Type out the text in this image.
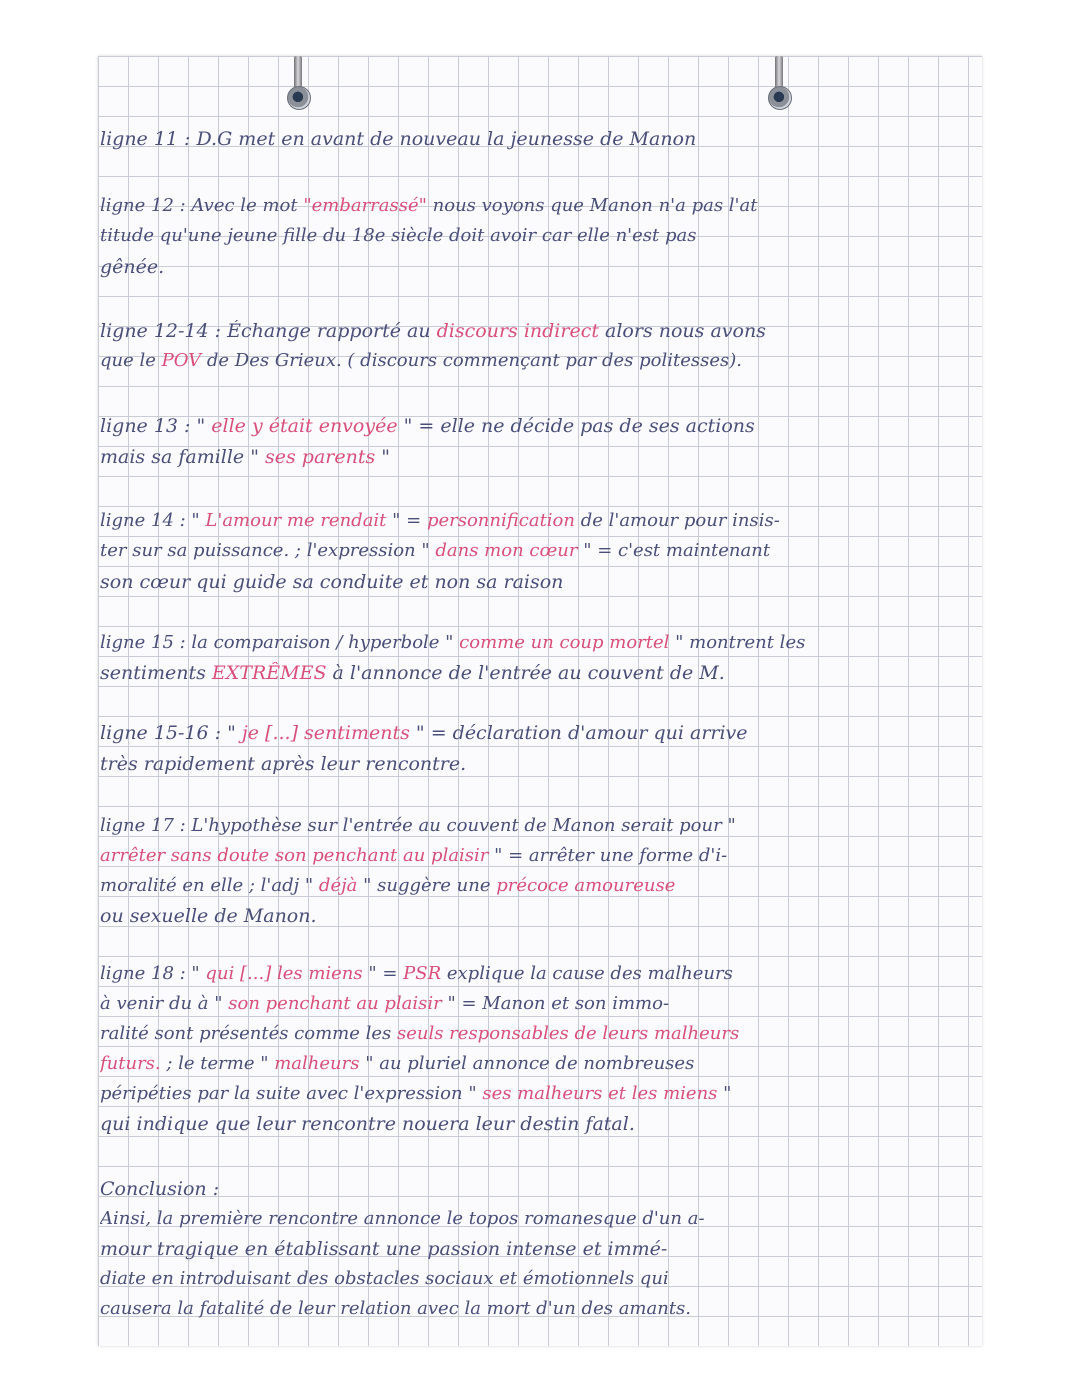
ligne 11 : D.G met en avant de nouveau la jeunesse de Manon
ligne 12 : Avec le mot "embarrassé" nous voyons que Manon n'a pas l'at
titude qu'une jeune fille du 18e siècle doit avoir car elle n'est pas
gênée.
ligne 12-14 : Échange rapporté au discours indirect alors nous avons
que le POV de Des Grieux. ( discours commençant par des politesses).
ligne 13 : " elle y était envoyée " = elle ne décide pas de ses actions
mais sa famille " ses parents "
ligne 14 : " L'amour me rendait " = personnification de l'amour pour insis-
ter sur sa puissance. ; l'expression " dans mon cœur " = c'est maintenant
son cœur qui guide sa conduite et non sa raison
ligne 15 : la comparaison / hyperbole " comme un coup mortel " montrent les
sentiments EXTRÊMES à l'annonce de l'entrée au couvent de M.
ligne 15-16 : " je [...] sentiments " = déclaration d'amour qui arrive
très rapidement après leur rencontre.
ligne 17 : L'hypothèse sur l'entrée au couvent de Manon serait pour "
arrêter sans doute son penchant au plaisir " = arrêter une forme d'i-
moralité en elle ; l'adj " déjà " suggère une précoce amoureuse
ou sexuelle de Manon.
ligne 18 : " qui [...] les miens " = PSR explique la cause des malheurs
à venir du à " son penchant au plaisir " = Manon et son immo-
ralité sont présentés comme les seuls responsables de leurs malheurs
futurs. ; le terme " malheurs " au pluriel annonce de nombreuses
péripéties par la suite avec l'expression " ses malheurs et les miens "
qui indique que leur rencontre nouera leur destin fatal.
Conclusion :
Ainsi, la première rencontre annonce le topos romanesque d'un a-
mour tragique en établissant une passion intense et immé-
diate en introduisant des obstacles sociaux et émotionnels qui
causera la fatalité de leur relation avec la mort d'un des amants.
